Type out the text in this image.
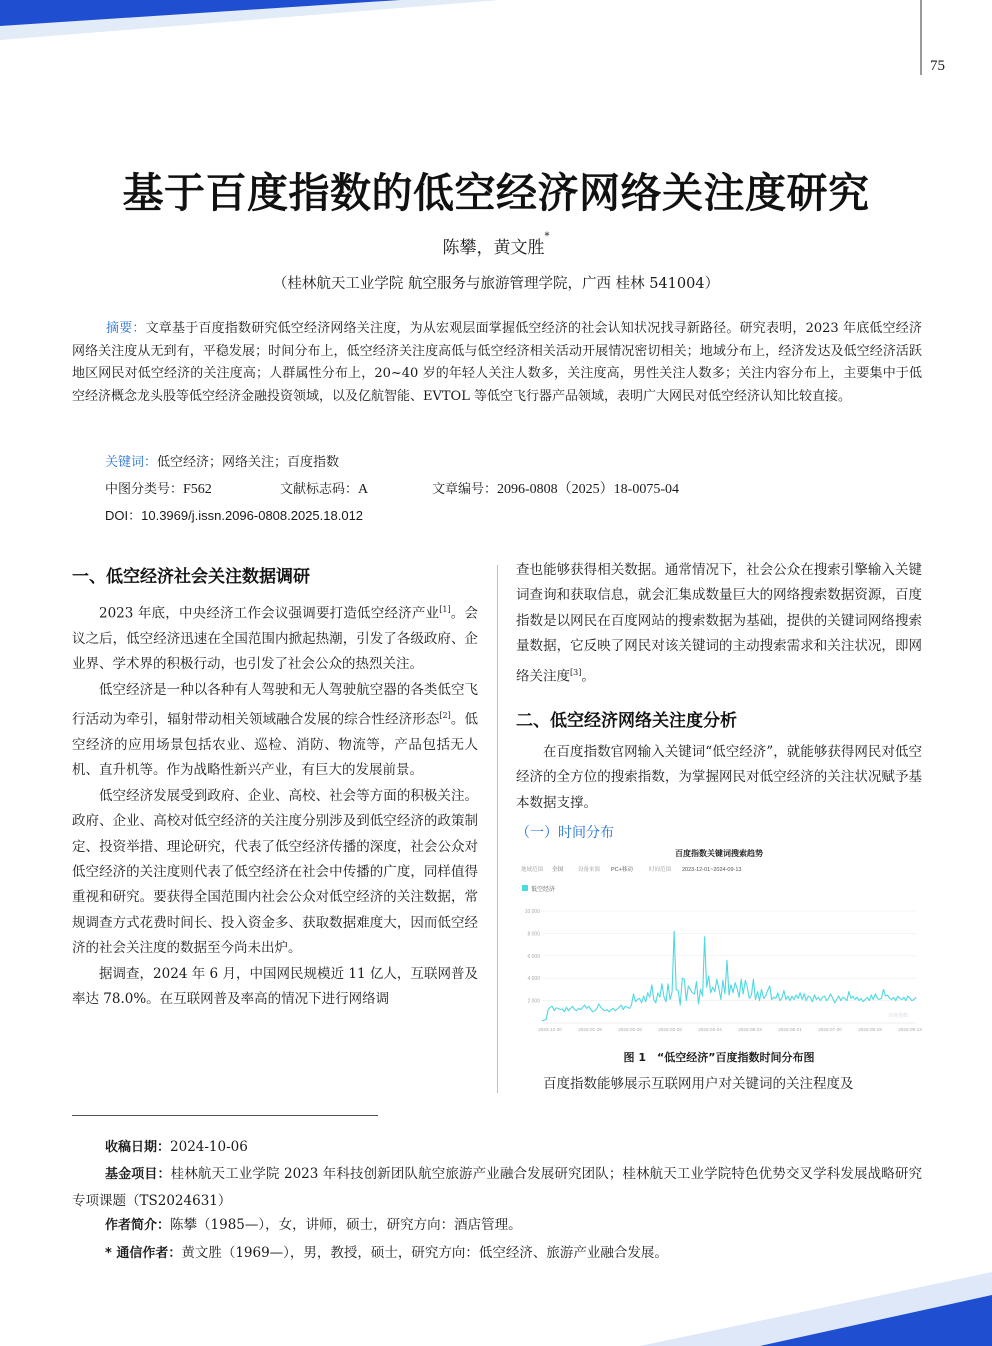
75
基于百度指数的低空经济网络关注度研究
陈攀，黄文胜*
（桂林航天工业学院 航空服务与旅游管理学院，广西 桂林 541004）
摘要：文章基于百度指数研究低空经济网络关注度，为从宏观层面掌握低空经济的社会认知状况找寻新路径。研究表明，2023 年底低空经济网络关注度从无到有，平稳发展；时间分布上，低空经济关注度高低与低空经济相关活动开展情况密切相关；地域分布上，经济发达及低空经济活跃地区网民对低空经济的关注度高；人群属性分布上，20~40 岁的年轻人关注人数多，关注度高，男性关注人数多；关注内容分布上，主要集中于低空经济概念龙头股等低空经济金融投资领域，以及亿航智能、EVTOL 等低空飞行器产品领域，表明广大网民对低空经济认知比较直接。
关键词：低空经济；网络关注；百度指数
中图分类号：F562	文献标志码：A	文章编号：2096-0808（2025）18-0075-04
DOI：10.3969/j.issn.2096-0808.2025.18.012
一、低空经济社会关注数据调研

2023 年底，中央经济工作会议强调要打造低空经济产业[1]。会议之后，低空经济迅速在全国范围内掀起热潮，引发了各级政府、企业界、学术界的积极行动，也引发了社会公众的热烈关注。

低空经济是一种以各种有人驾驶和无人驾驶航空器的各类低空飞行活动为牵引，辐射带动相关领域融合发展的综合性经济形态[2]。低空经济的应用场景包括农业、巡检、消防、物流等，产品包括无人机、直升机等。作为战略性新兴产业，有巨大的发展前景。

低空经济发展受到政府、企业、高校、社会等方面的积极关注。政府、企业、高校对低空经济的关注度分别涉及到低空经济的政策制定、投资举措、理论研究，代表了低空经济传播的深度，社会公众对低空经济的关注度则代表了低空经济在社会中传播的广度，同样值得重视和研究。要获得全国范围内社会公众对低空经济的关注数据，常规调查方式花费时间长、投入资金多、获取数据难度大，因而低空经济的社会关注度的数据至今尚未出炉。

据调查，2024 年 6 月，中国网民规模近 11 亿人，互联网普及率达 78.0%。在互联网普及率高的情况下进行网络调

查也能够获得相关数据。通常情况下，社会公众在搜索引擎输入关键词查询和获取信息，就会汇集成数量巨大的网络搜索数据资源，百度指数是以网民在百度网站的搜索数据为基础，提供的关键词网络搜索量数据，它反映了网民对该关键词的主动搜索需求和关注状况，即网络关注度[3]。

二、低空经济网络关注度分析

在百度指数官网输入关键词“低空经济”，就能够获得网民对低空经济的全方位的搜索指数，为掌握网民对低空经济的关注状况赋予基本数据支撑。

（一）时间分布
百度指数关键词搜索趋势
地域范围 全国	设备来源 PC+移动	时间范围 2023-12-01~2024-09-13
低空经济
10 000
8 000
6 000
4 000
2 000
2023-12-30	2024-01-28	2024-02-26	2024-03-26	2024-04-24	2024-05-23	2024-06-21	2024-07-20	2024-08-18	2024-09-13
百度指数
图 1　“低空经济”百度指数时间分布图

百度指数能够展示互联网用户对关键词的关注程度及

收稿日期：2024-10-06
基金项目：桂林航天工业学院 2023 年科技创新团队航空旅游产业融合发展研究团队；桂林航天工业学院特色优势交叉学科发展战略研究专项课题（TS2024631）
作者简介：陈攀（1985—），女，讲师，硕士，研究方向：酒店管理。
* 通信作者：黄文胜（1969—），男，教授，硕士，研究方向：低空经济、旅游产业融合发展。
